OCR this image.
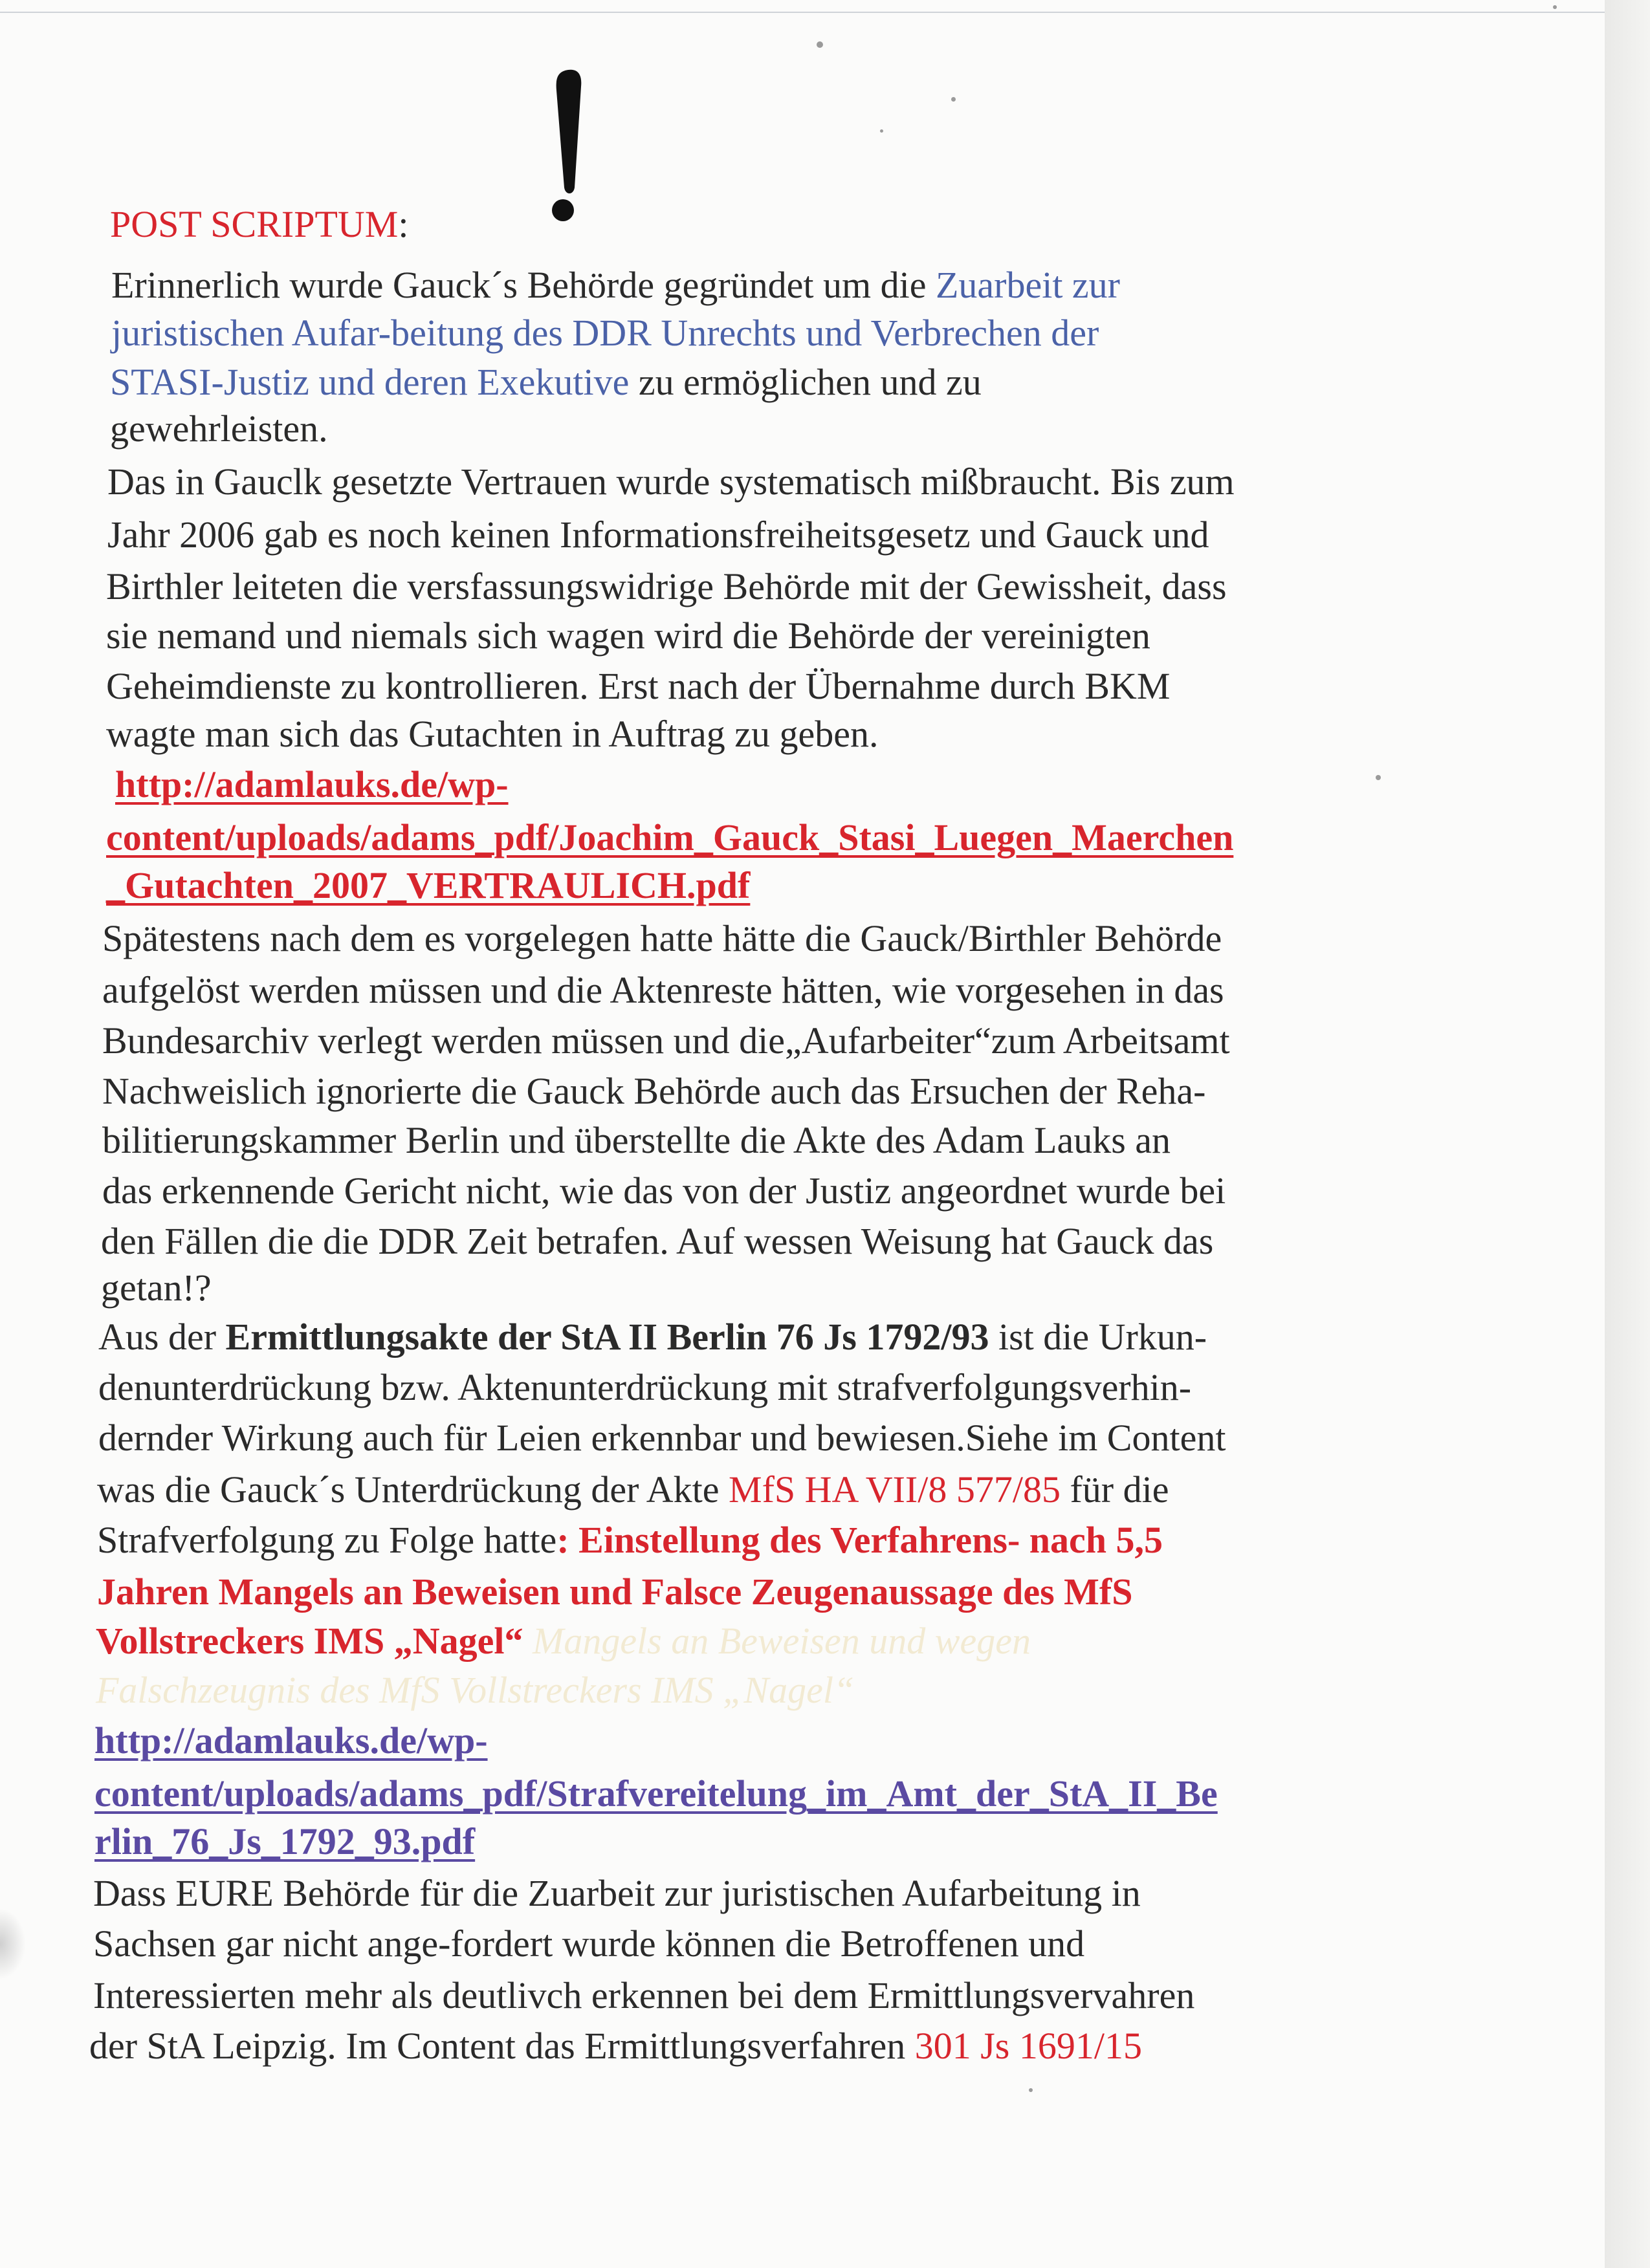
POST SCRIPTUM:
Erinnerlich wurde Gauck´s Behörde gegründet um die Zuarbeit zur
juristischen Aufar-beitung des DDR Unrechts und Verbrechen der
STASI-Justiz und deren Exekutive zu ermöglichen und zu
gewehrleisten.
Das in Gauclk gesetzte Vertrauen wurde systematisch mißbraucht. Bis zum
Jahr 2006 gab es noch keinen Informationsfreiheitsgesetz und Gauck und
Birthler leiteten die versfassungswidrige Behörde mit der Gewissheit, dass
sie nemand und niemals sich wagen wird die Behörde der vereinigten
Geheimdienste zu kontrollieren. Erst nach der Übernahme durch BKM
wagte man sich das Gutachten in Auftrag zu geben.
http://adamlauks.de/wp-
content/uploads/adams_pdf/Joachim_Gauck_Stasi_Luegen_Maerchen
_Gutachten_2007_VERTRAULICH.pdf
Spätestens nach dem es vorgelegen hatte hätte die Gauck/Birthler Behörde
aufgelöst werden müssen und die Aktenreste hätten, wie vorgesehen in das
Bundesarchiv verlegt werden müssen und die„Aufarbeiter“zum Arbeitsamt
Nachweislich ignorierte die Gauck Behörde auch das Ersuchen der Reha-
bilitierungskammer Berlin und überstellte die Akte des Adam Lauks an
das erkennende Gericht nicht, wie das von der Justiz angeordnet wurde bei
den Fällen die die DDR Zeit betrafen. Auf wessen Weisung hat Gauck das
getan!?
Aus der Ermittlungsakte der StA II Berlin 76 Js 1792/93 ist die Urkun-
denunterdrückung bzw. Aktenunterdrückung mit strafverfolgungsverhin-
dernder Wirkung auch für Leien erkennbar und bewiesen.Siehe im Content
was die Gauck´s Unterdrückung der Akte MfS HA VII/8 577/85 für die
Strafverfolgung zu Folge hatte: Einstellung des Verfahrens- nach 5,5
Jahren Mangels an Beweisen und Falsce Zeugenaussage des MfS
Vollstreckers IMS „Nagel“ Mangels an Beweisen und wegen
Falschzeugnis des MfS Vollstreckers IMS „Nagel“
http://adamlauks.de/wp-
content/uploads/adams_pdf/Strafvereitelung_im_Amt_der_StA_II_Be
rlin_76_Js_1792_93.pdf
Dass EURE Behörde für die Zuarbeit zur juristischen Aufarbeitung in
Sachsen gar nicht ange-fordert wurde können die Betroffenen und
Interessierten mehr als deutlivch erkennen bei dem Ermittlungsvervahren
der StA Leipzig. Im Content das Ermittlungsverfahren 301 Js 1691/15
